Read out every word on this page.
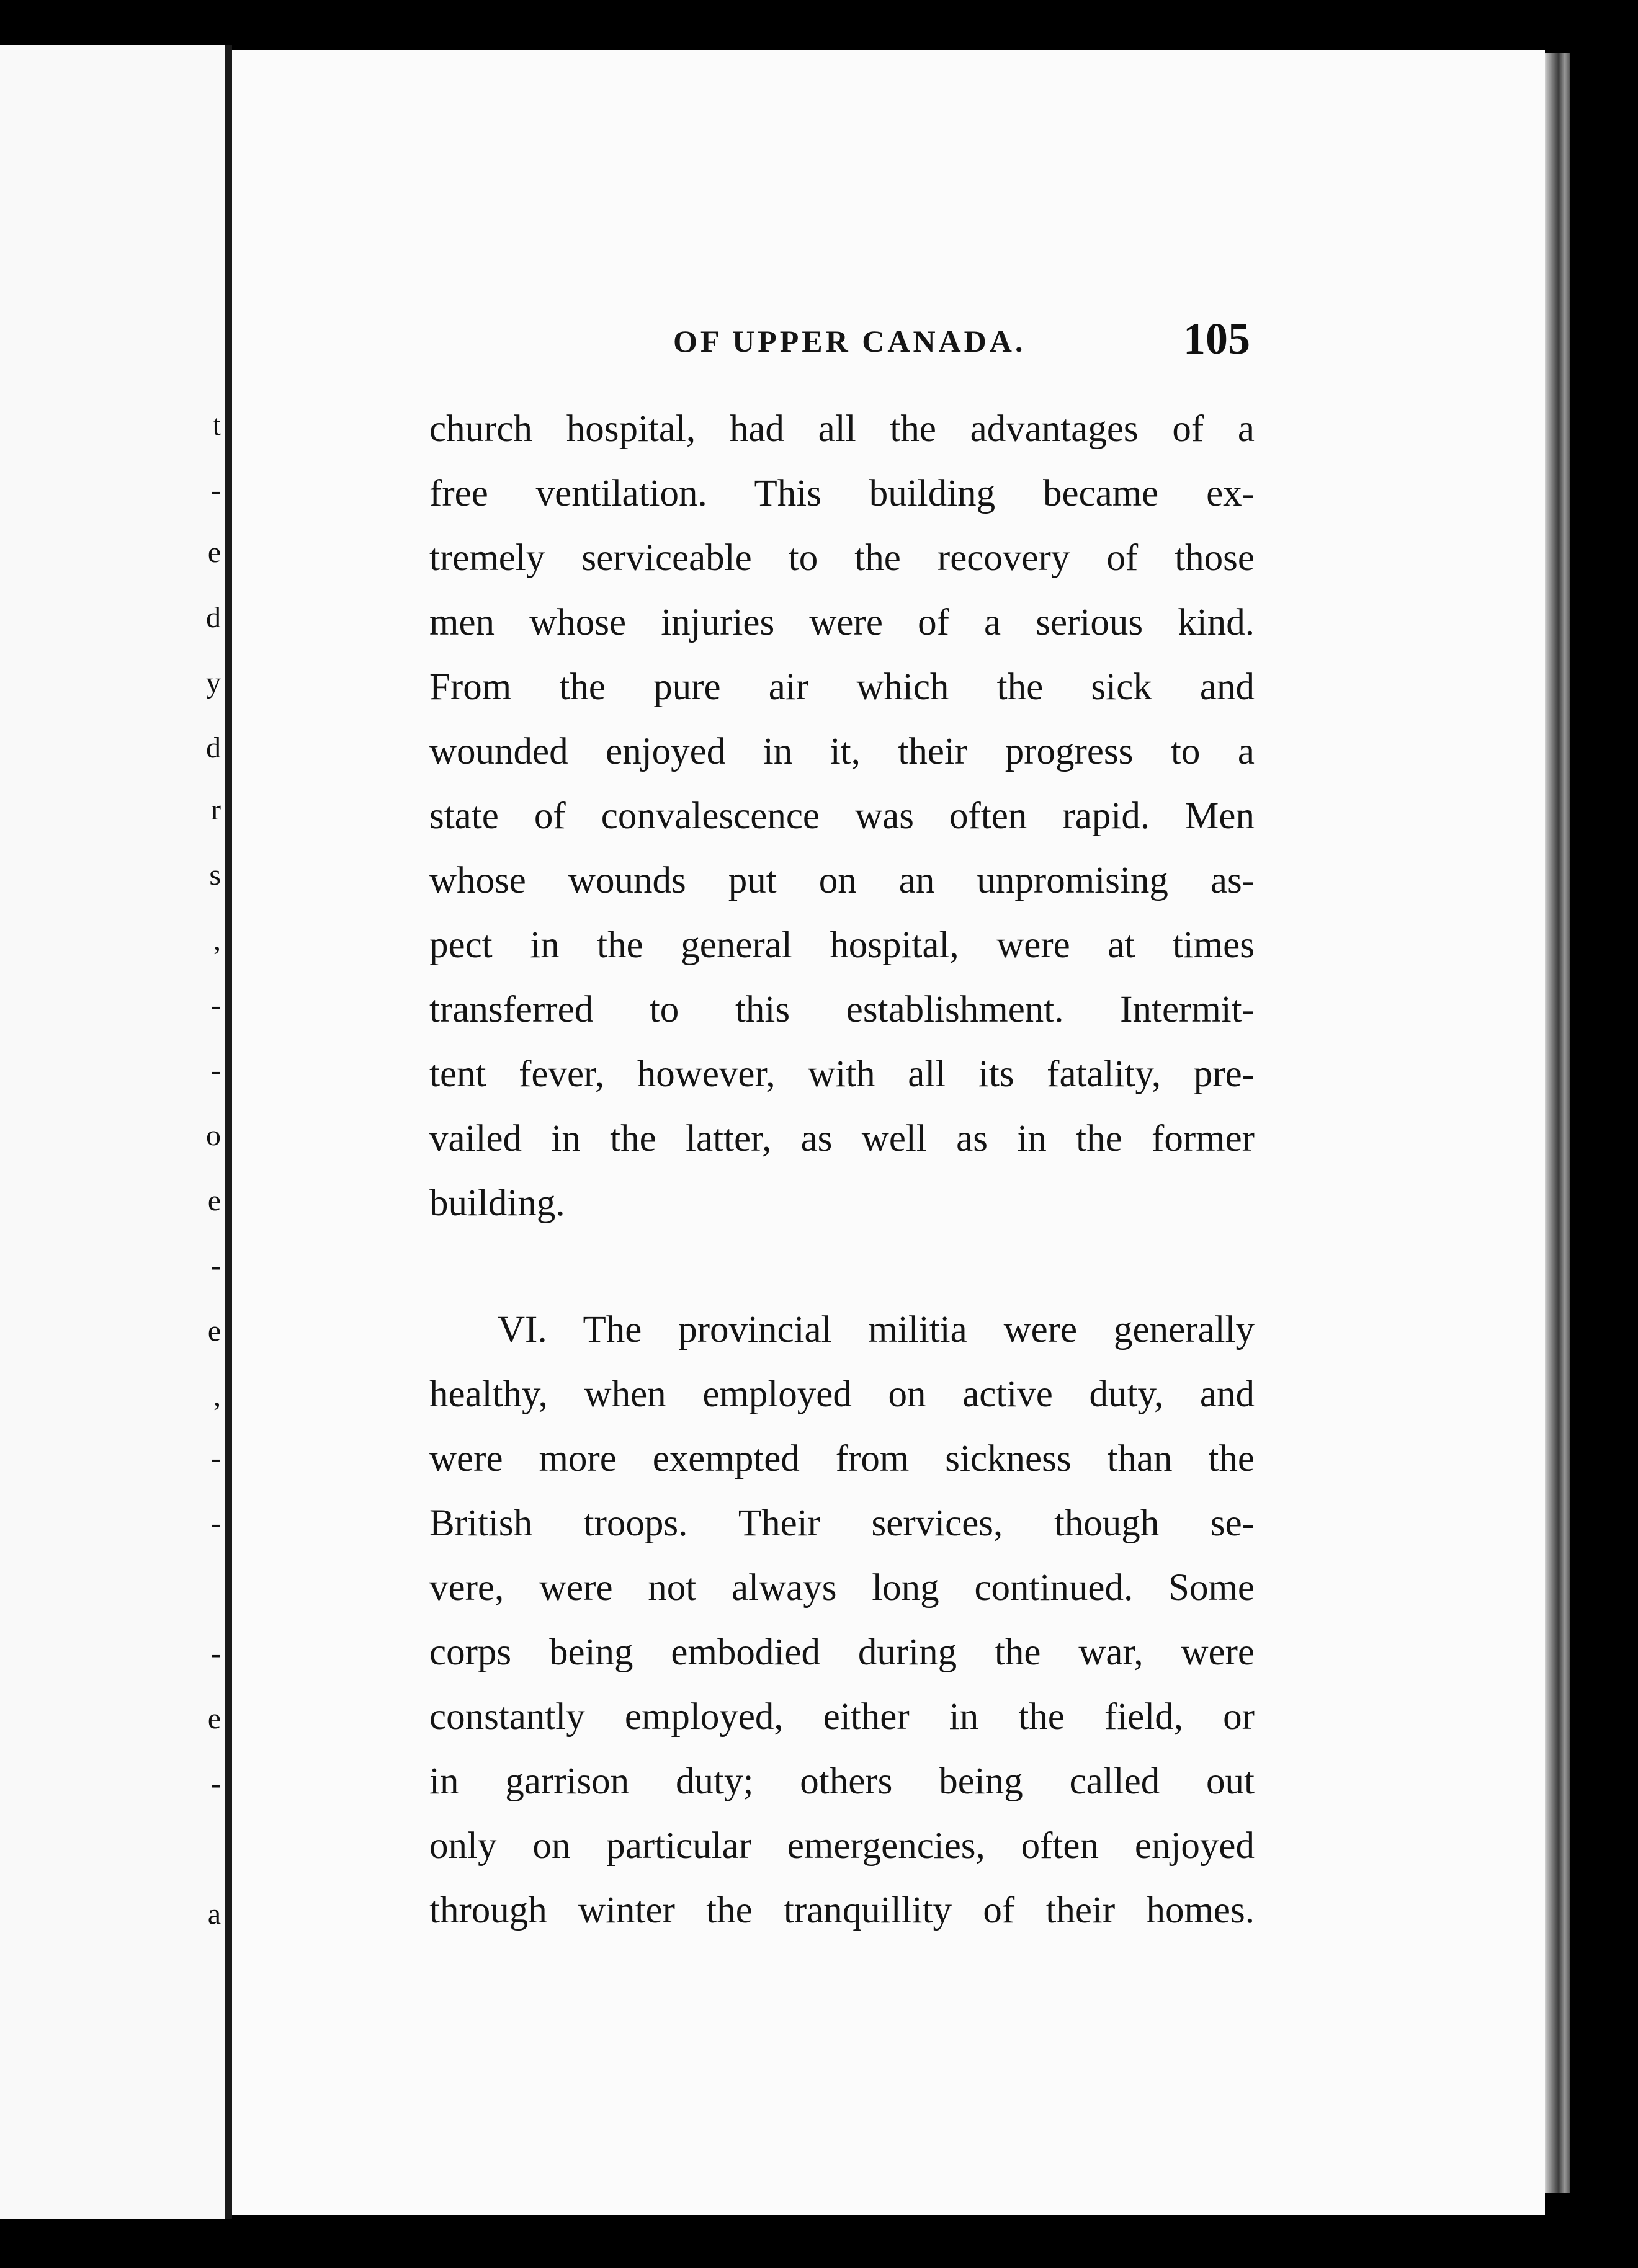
t
-
e
d
y
d
r
s
,
-
-
o
e
-
e
,
-
-
-
e
-
a
OF UPPER CANADA.	105
church hospital, had all the advantages of a
free ventilation. This building became ex-
tremely serviceable to the recovery of those
men whose injuries were of a serious kind.
From the pure air which the sick and
wounded enjoyed in it, their progress to a
state of convalescence was often rapid. Men
whose wounds put on an unpromising as-
pect in the general hospital, were at times
transferred to this establishment. Intermit-
tent fever, however, with all its fatality, pre-
vailed in the latter, as well as in the former
building.
VI. The provincial militia were generally
healthy, when employed on active duty, and
were more exempted from sickness than the
British troops. Their services, though se-
vere, were not always long continued. Some
corps being embodied during the war, were
constantly employed, either in the field, or
in garrison duty; others being called out
only on particular emergencies, often enjoyed
through winter the tranquillity of their homes.
